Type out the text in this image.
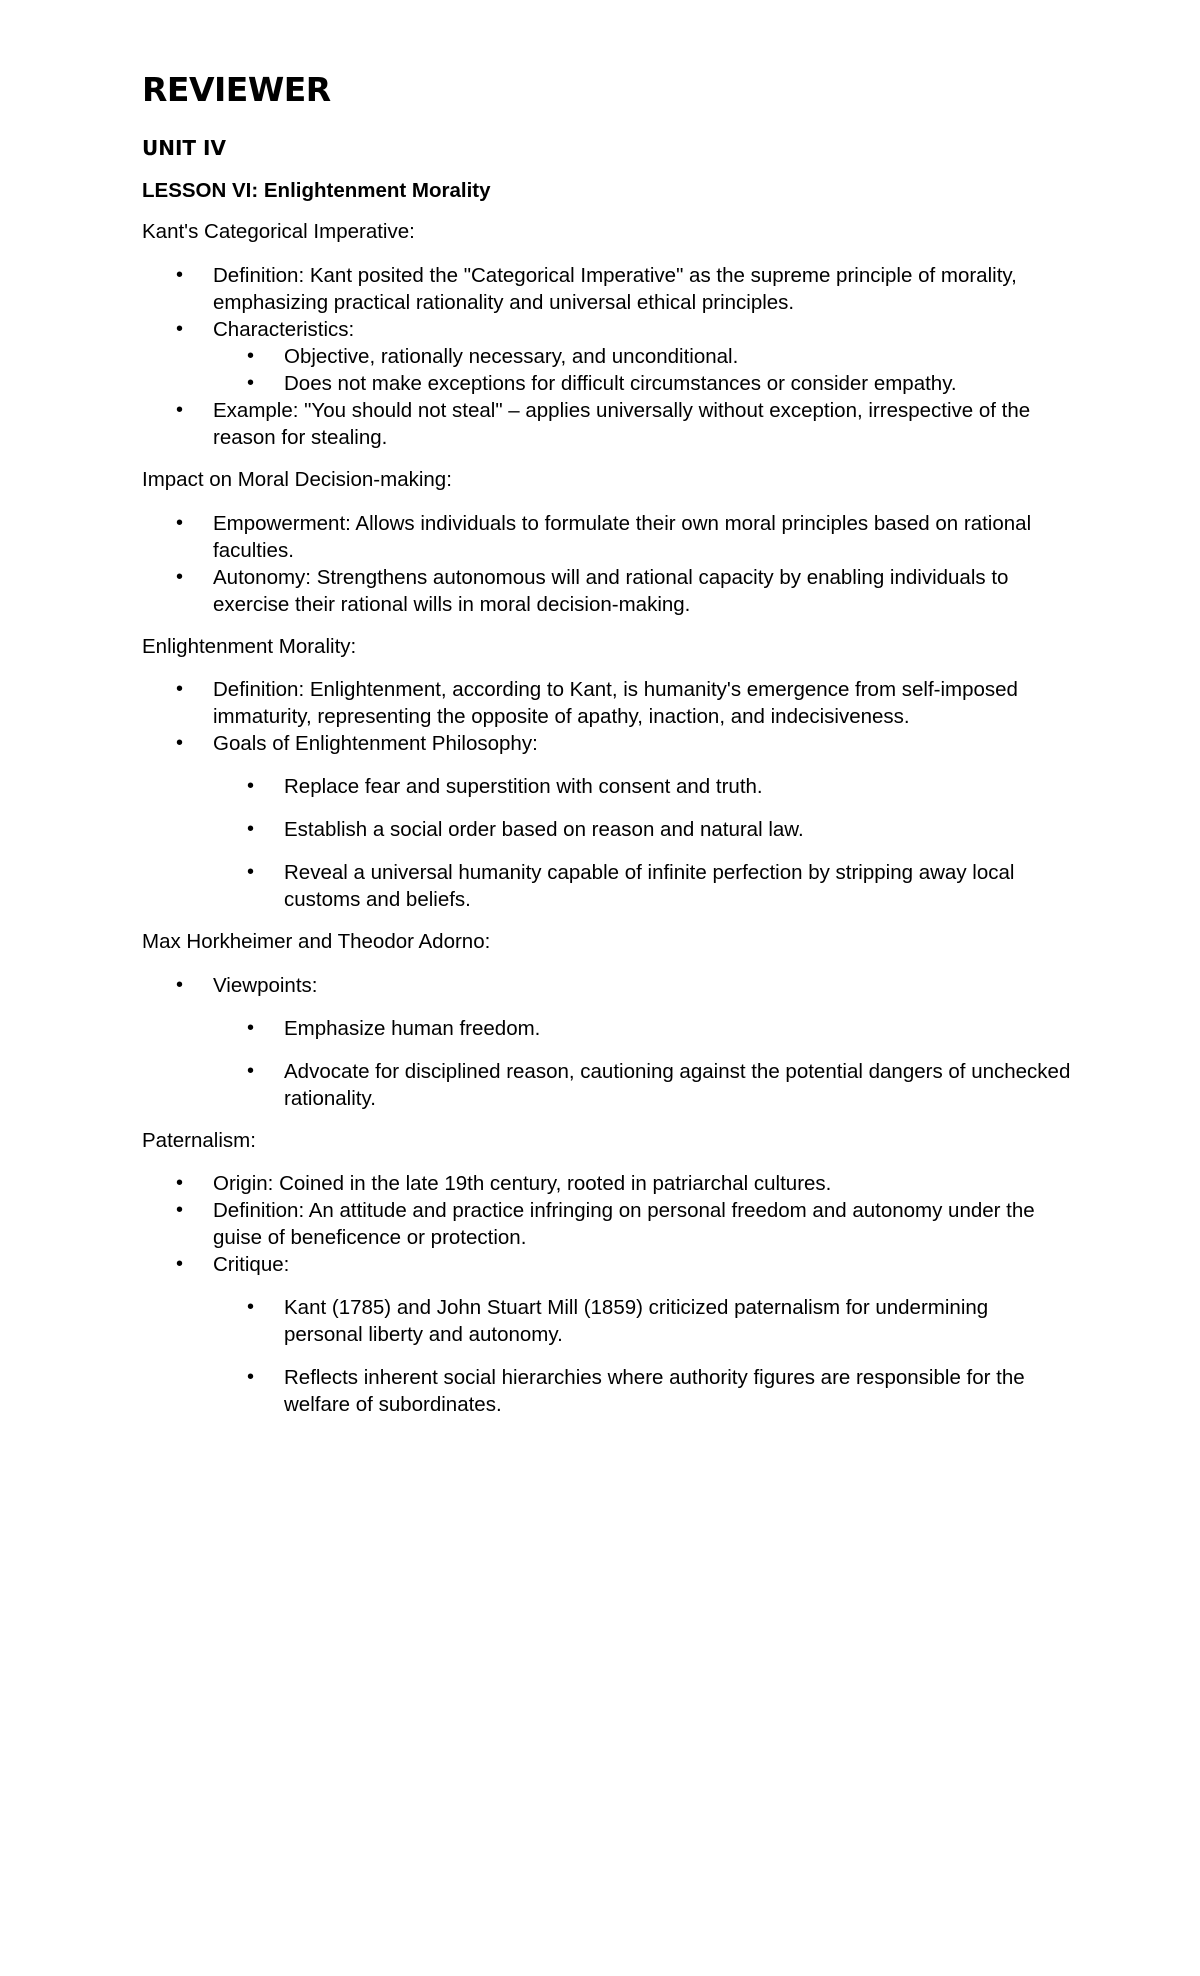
REVIEWER
UNIT IV
LESSON VI: Enlightenment Morality
Kant's Categorical Imperative:
• Definition: Kant posited the "Categorical Imperative" as the supreme principle of morality, emphasizing practical rationality and universal ethical principles.
• Characteristics:
• Objective, rationally necessary, and unconditional.
• Does not make exceptions for difficult circumstances or consider empathy.
• Example: "You should not steal" – applies universally without exception, irrespective of the reason for stealing.
Impact on Moral Decision-making:
• Empowerment: Allows individuals to formulate their own moral principles based on rational faculties.
• Autonomy: Strengthens autonomous will and rational capacity by enabling individuals to exercise their rational wills in moral decision-making.
Enlightenment Morality:
• Definition: Enlightenment, according to Kant, is humanity's emergence from self-imposed immaturity, representing the opposite of apathy, inaction, and indecisiveness.
• Goals of Enlightenment Philosophy:
• Replace fear and superstition with consent and truth.
• Establish a social order based on reason and natural law.
• Reveal a universal humanity capable of infinite perfection by stripping away local customs and beliefs.
Max Horkheimer and Theodor Adorno:
• Viewpoints:
• Emphasize human freedom.
• Advocate for disciplined reason, cautioning against the potential dangers of unchecked rationality.
Paternalism:
• Origin: Coined in the late 19th century, rooted in patriarchal cultures.
• Definition: An attitude and practice infringing on personal freedom and autonomy under the guise of beneficence or protection.
• Critique:
• Kant (1785) and John Stuart Mill (1859) criticized paternalism for undermining personal liberty and autonomy.
• Reflects inherent social hierarchies where authority figures are responsible for the welfare of subordinates.
